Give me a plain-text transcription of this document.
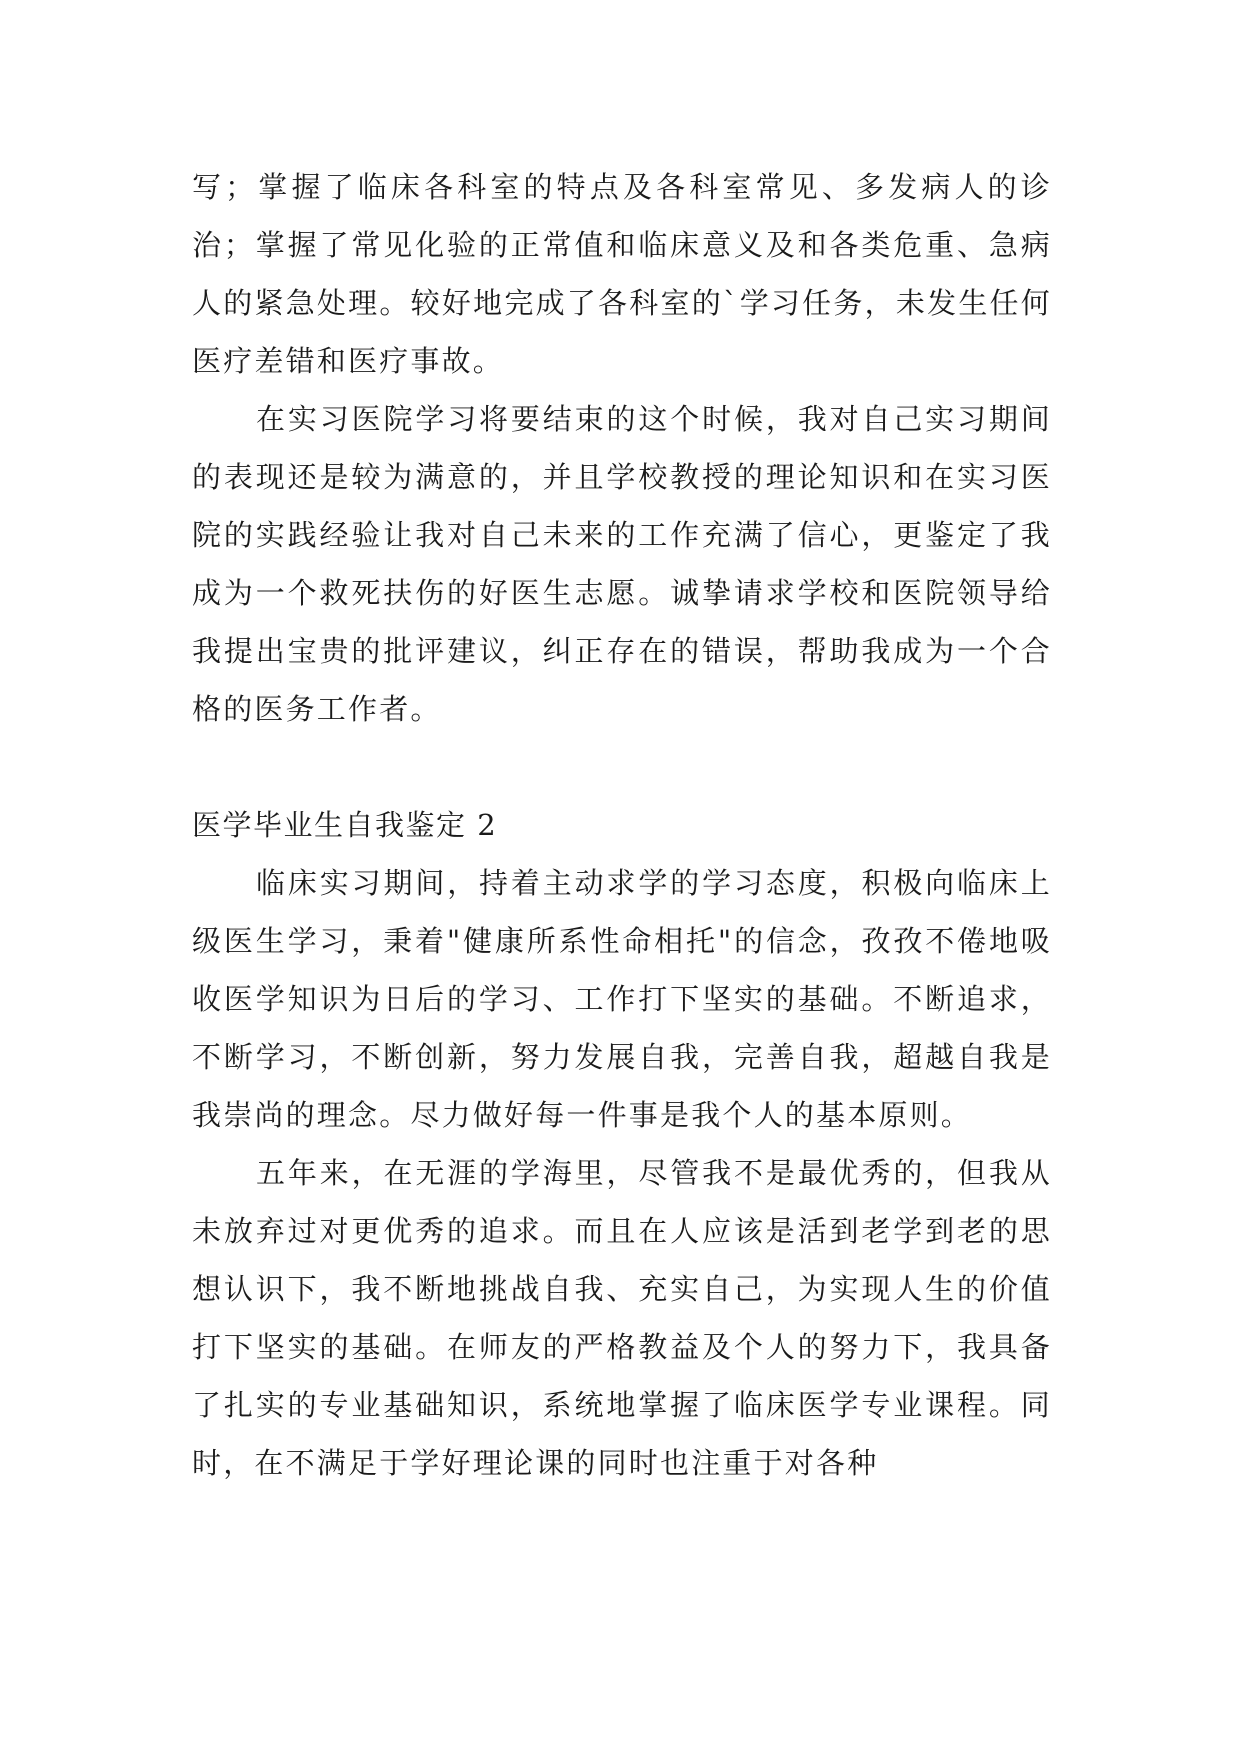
写；掌握了临床各科室的特点及各科室常见、多发病人的诊治；掌握了常见化验的正常值和临床意义及和各类危重、急病人的紧急处理。较好地完成了各科室的`学习任务，未发生任何医疗差错和医疗事故。

在实习医院学习将要结束的这个时候，我对自己实习期间的表现还是较为满意的，并且学校教授的理论知识和在实习医院的实践经验让我对自己未来的工作充满了信心，更鉴定了我成为一个救死扶伤的好医生志愿。诚挚请求学校和医院领导给我提出宝贵的批评建议，纠正存在的错误，帮助我成为一个合格的医务工作者。

医学毕业生自我鉴定 2

临床实习期间，持着主动求学的学习态度，积极向临床上级医生学习，秉着"健康所系性命相托"的信念，孜孜不倦地吸收医学知识为日后的学习、工作打下坚实的基础。不断追求，不断学习，不断创新，努力发展自我，完善自我，超越自我是我崇尚的理念。尽力做好每一件事是我个人的基本原则。

五年来，在无涯的学海里，尽管我不是最优秀的，但我从未放弃过对更优秀的追求。而且在人应该是活到老学到老的思想认识下，我不断地挑战自我、充实自己，为实现人生的价值打下坚实的基础。在师友的严格教益及个人的努力下，我具备了扎实的专业基础知识，系统地掌握了临床医学专业课程。同时，在不满足于学好理论课的同时也注重于对各种
